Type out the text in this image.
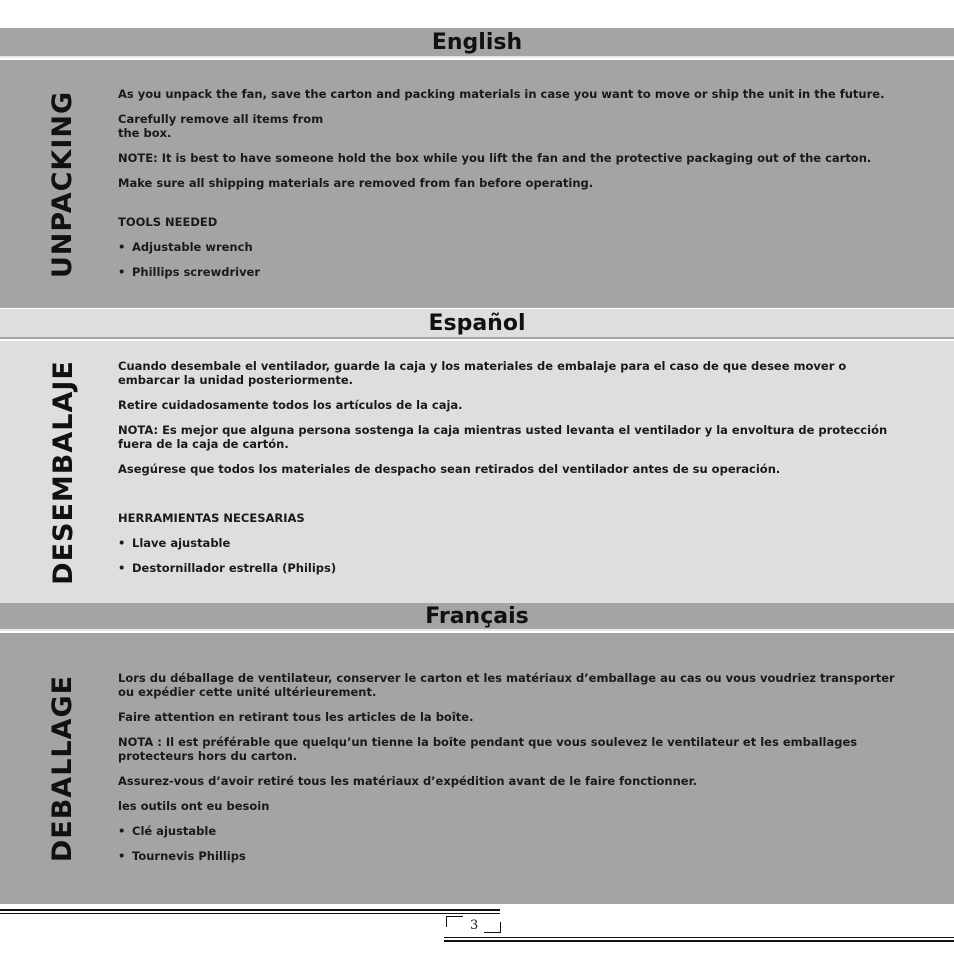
English
UNPACKING	As you unpack the fan, save the carton and packing materials in case you want to move or ship the unit in the future.

Carefully remove all items from

the box.

NOTE: It is best to have someone hold the box while you lift the fan and the protective packaging out of the carton.

Make sure all shipping materials are removed from fan before operating.

TOOLS NEEDED

• Adjustable wrench
• Phillips screwdriver
Español
DESEMBALAJE	Cuando desembale el ventilador, guarde la caja y los materiales de embalaje para el caso de que desee mover o embarcar la unidad posteriormente.

Retire cuidadosamente todos los artículos de la caja.

NOTA: Es mejor que alguna persona sostenga la caja mientras usted levanta el ventilador y la envoltura de protección fuera de la caja de cartón.

Asegúrese que todos los materiales de despacho sean retirados del ventilador antes de su operación.

HERRAMIENTAS NECESARIAS

• Llave ajustable
• Destornillador estrella (Philips)
Français
DEBALLAGE	Lors du déballage de ventilateur, conserver le carton et les matériaux d’emballage au cas ou vous voudriez transporter ou expédier cette unité ultérieurement.

Faire attention en retirant tous les articles de la boîte.

NOTA : Il est préférable que quelqu’un tienne la boîte pendant que vous soulevez le ventilateur et les emballages protecteurs hors du carton.

Assurez-vous d’avoir retiré tous les matériaux d’expédition avant de le faire fonctionner.

les outils ont eu besoin

• Clé ajustable
• Tournevis Phillips
3
